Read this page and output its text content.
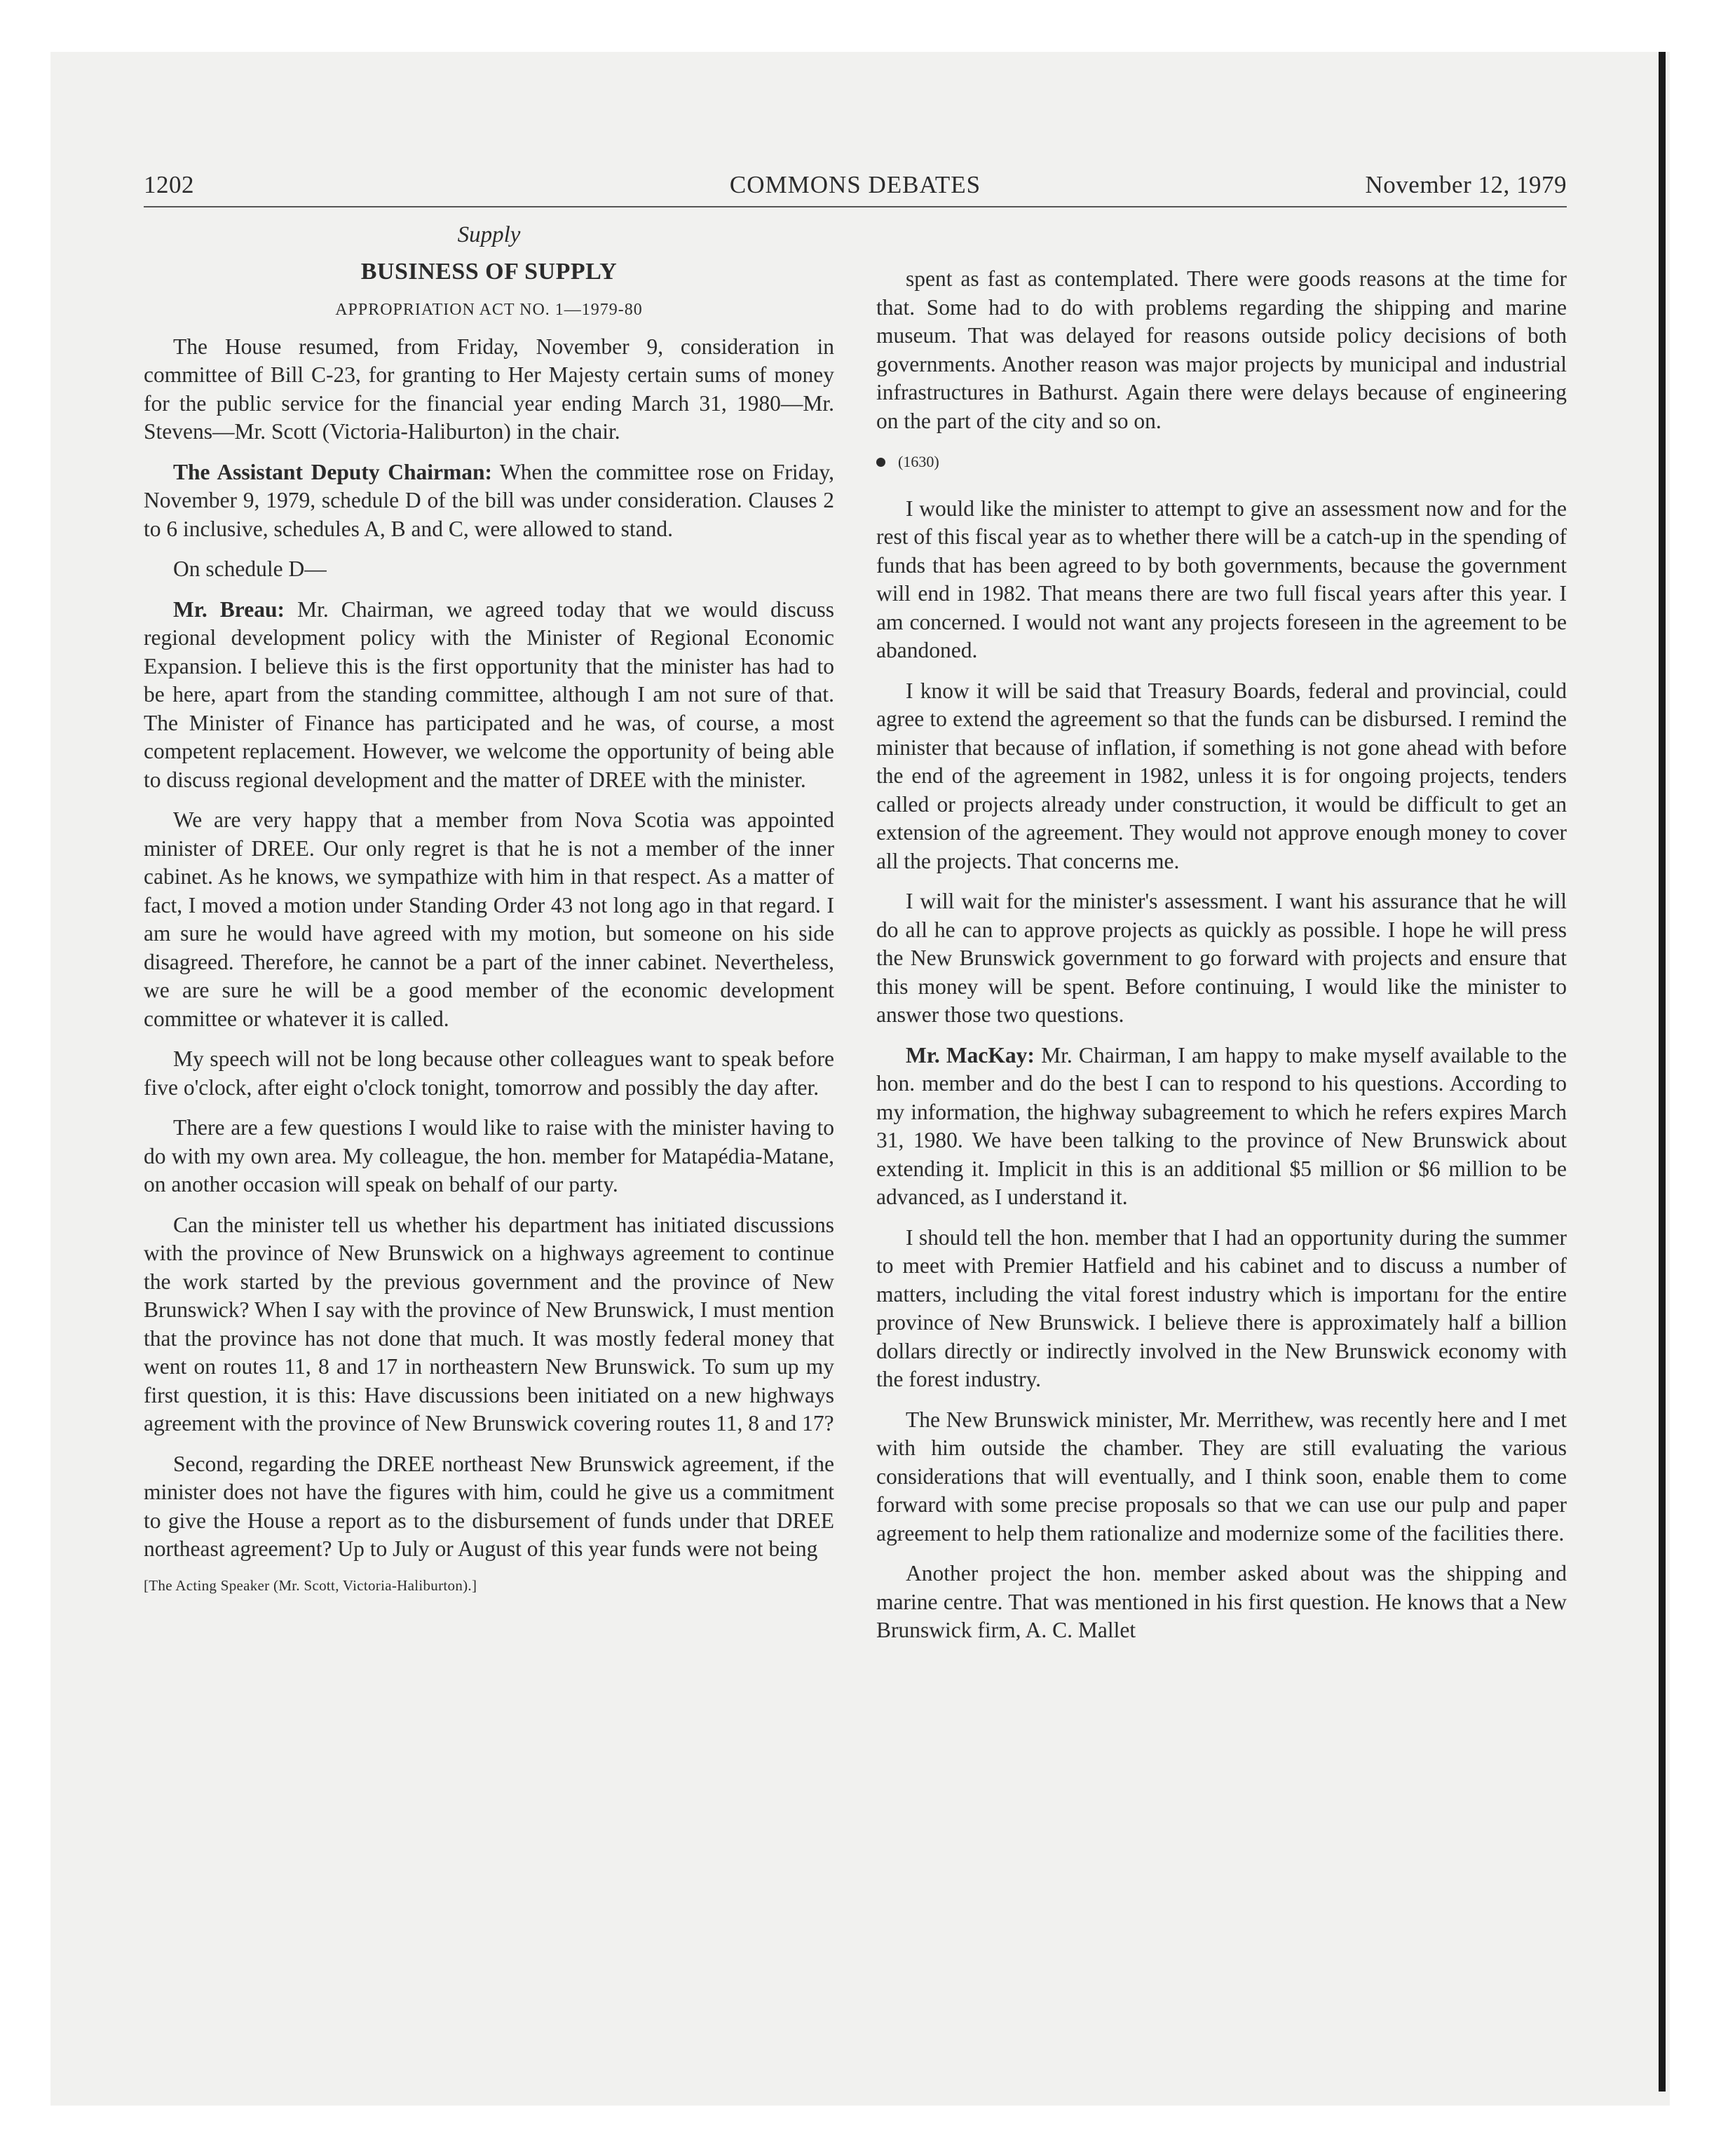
1202	COMMONS DEBATES	November 12, 1979
Supply
BUSINESS OF SUPPLY
APPROPRIATION ACT NO. 1—1979-80

The House resumed, from Friday, November 9, consideration in committee of Bill C-23, for granting to Her Majesty certain sums of money for the public service for the financial year ending March 31, 1980—Mr. Stevens—Mr. Scott (Victoria-Haliburton) in the chair.

The Assistant Deputy Chairman: When the committee rose on Friday, November 9, 1979, schedule D of the bill was under consideration. Clauses 2 to 6 inclusive, schedules A, B and C, were allowed to stand.

On schedule D—

Mr. Breau: Mr. Chairman, we agreed today that we would discuss regional development policy with the Minister of Regional Economic Expansion. I believe this is the first opportunity that the minister has had to be here, apart from the standing committee, although I am not sure of that. The Minister of Finance has participated and he was, of course, a most competent replacement. However, we welcome the opportunity of being able to discuss regional development and the matter of DREE with the minister.

We are very happy that a member from Nova Scotia was appointed minister of DREE. Our only regret is that he is not a member of the inner cabinet. As he knows, we sympathize with him in that respect. As a matter of fact, I moved a motion under Standing Order 43 not long ago in that regard. I am sure he would have agreed with my motion, but someone on his side disagreed. Therefore, he cannot be a part of the inner cabinet. Nevertheless, we are sure he will be a good member of the economic development committee or whatever it is called.

My speech will not be long because other colleagues want to speak before five o'clock, after eight o'clock tonight, tomorrow and possibly the day after.

There are a few questions I would like to raise with the minister having to do with my own area. My colleague, the hon. member for Matapédia-Matane, on another occasion will speak on behalf of our party.

Can the minister tell us whether his department has initiated discussions with the province of New Brunswick on a highways agreement to continue the work started by the previous government and the province of New Brunswick? When I say with the province of New Brunswick, I must mention that the province has not done that much. It was mostly federal money that went on routes 11, 8 and 17 in northeastern New Brunswick. To sum up my first question, it is this: Have discussions been initiated on a new highways agreement with the province of New Brunswick covering routes 11, 8 and 17?

Second, regarding the DREE northeast New Brunswick agreement, if the minister does not have the figures with him, could he give us a commitment to give the House a report as to the disbursement of funds under that DREE northeast agreement? Up to July or August of this year funds were not being

[The Acting Speaker (Mr. Scott, Victoria-Haliburton).]

spent as fast as contemplated. There were goods reasons at the time for that. Some had to do with problems regarding the shipping and marine museum. That was delayed for reasons outside policy decisions of both governments. Another reason was major projects by municipal and industrial infrastructures in Bathurst. Again there were delays because of engineering on the part of the city and so on.

(1630)

I would like the minister to attempt to give an assessment now and for the rest of this fiscal year as to whether there will be a catch-up in the spending of funds that has been agreed to by both governments, because the government will end in 1982. That means there are two full fiscal years after this year. I am concerned. I would not want any projects foreseen in the agreement to be abandoned.

I know it will be said that Treasury Boards, federal and provincial, could agree to extend the agreement so that the funds can be disbursed. I remind the minister that because of inflation, if something is not gone ahead with before the end of the agreement in 1982, unless it is for ongoing projects, tenders called or projects already under construction, it would be difficult to get an extension of the agreement. They would not approve enough money to cover all the projects. That concerns me.

I will wait for the minister's assessment. I want his assurance that he will do all he can to approve projects as quickly as possible. I hope he will press the New Brunswick government to go forward with projects and ensure that this money will be spent. Before continuing, I would like the minister to answer those two questions.

Mr. MacKay: Mr. Chairman, I am happy to make myself available to the hon. member and do the best I can to respond to his questions. According to my information, the highway subagreement to which he refers expires March 31, 1980. We have been talking to the province of New Brunswick about extending it. Implicit in this is an additional $5 million or $6 million to be advanced, as I understand it.

I should tell the hon. member that I had an opportunity during the summer to meet with Premier Hatfield and his cabinet and to discuss a number of matters, including the vital forest industry which is importanı for the entire province of New Brunswick. I believe there is approximately half a billion dollars directly or indirectly involved in the New Brunswick economy with the forest industry.

The New Brunswick minister, Mr. Merrithew, was recently here and I met with him outside the chamber. They are still evaluating the various considerations that will eventually, and I think soon, enable them to come forward with some precise proposals so that we can use our pulp and paper agreement to help them rationalize and modernize some of the facilities there.

Another project the hon. member asked about was the shipping and marine centre. That was mentioned in his first question. He knows that a New Brunswick firm, A. C. Mallet
